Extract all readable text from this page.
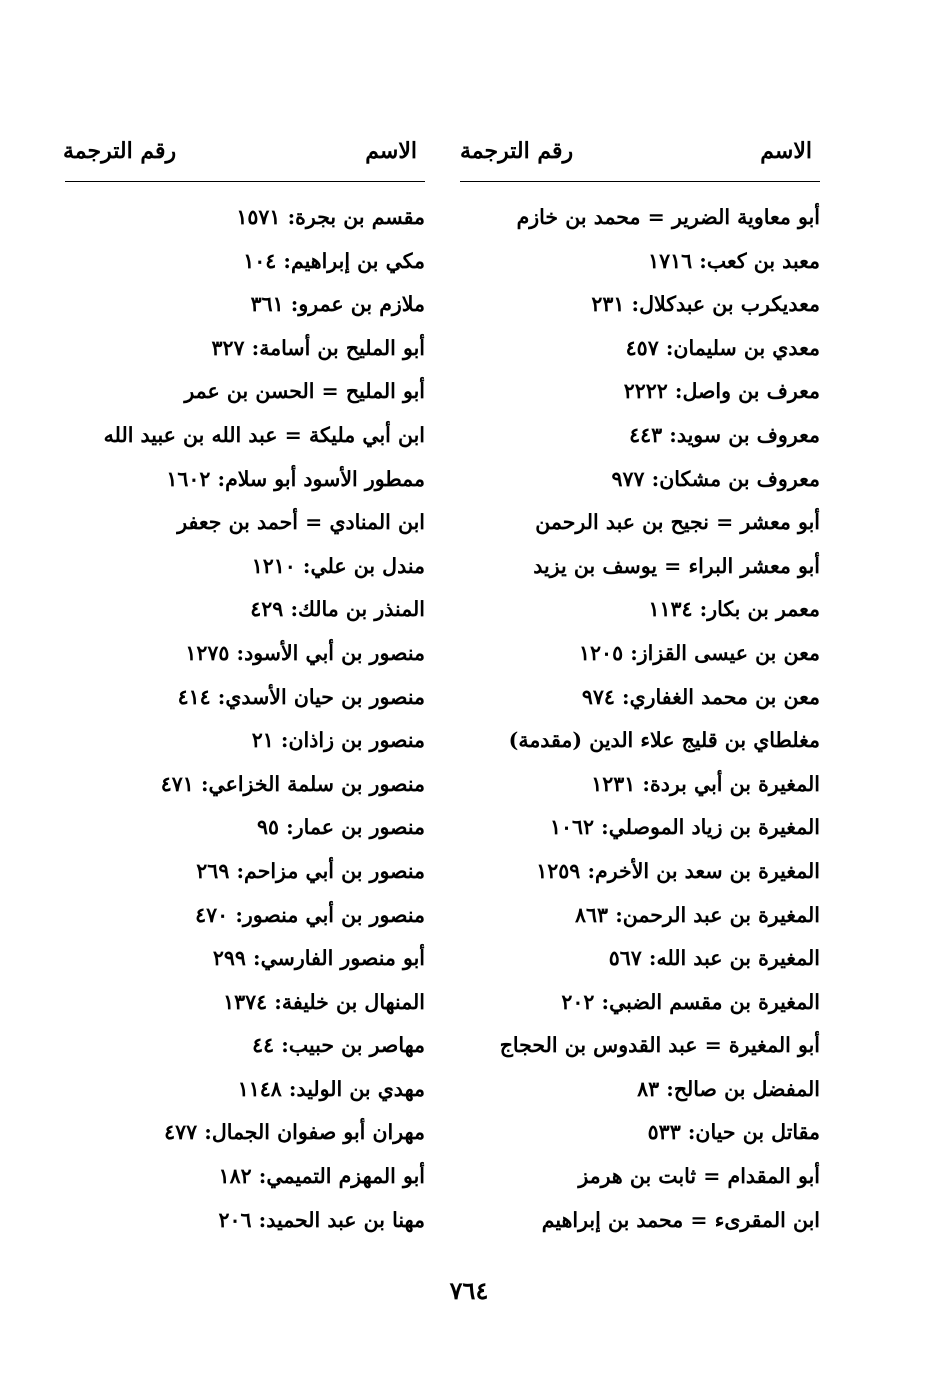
الاسم
رقم الترجمة
أبو معاوية الضرير = محمد بن خازم
معبد بن كعب: ١٧١٦
معديكرب بن عبدكلال: ٢٣١
معدي بن سليمان: ٤٥٧
معرف بن واصل: ٢٢٢٢
معروف بن سويد: ٤٤٣
معروف بن مشكان: ٩٧٧
أبو معشر = نجيح بن عبد الرحمن
أبو معشر البراء = يوسف بن يزيد
معمر بن بكار: ١١٣٤
معن بن عيسى القزاز: ١٢٠٥
معن بن محمد الغفاري: ٩٧٤
مغلطاي بن قليج علاء الدين (مقدمة)
المغيرة بن أبي بردة: ١٢٣١
المغيرة بن زياد الموصلي: ١٠٦٢
المغيرة بن سعد بن الأخرم: ١٢٥٩
المغيرة بن عبد الرحمن: ٨٦٣
المغيرة بن عبد الله: ٥٦٧
المغيرة بن مقسم الضبي: ٢٠٢
أبو المغيرة = عبد القدوس بن الحجاج
المفضل بن صالح: ٨٣
مقاتل بن حيان: ٥٣٣
أبو المقدام = ثابت بن هرمز
ابن المقرىء = محمد بن إبراهيم
الاسم
رقم الترجمة
مقسم بن بجرة: ١٥٧١
مكي بن إبراهيم: ١٠٤
ملازم بن عمرو: ٣٦١
أبو المليح بن أسامة: ٣٢٧
أبو المليح = الحسن بن عمر
ابن أبي مليكة = عبد الله بن عبيد الله
ممطور الأسود أبو سلام: ١٦٠٢
ابن المنادي = أحمد بن جعفر
مندل بن علي: ١٢١٠
المنذر بن مالك: ٤٢٩
منصور بن أبي الأسود: ١٢٧٥
منصور بن حيان الأسدي: ٤١٤
منصور بن زاذان: ٢١
منصور بن سلمة الخزاعي: ٤٧١
منصور بن عمار: ٩٥
منصور بن أبي مزاحم: ٢٦٩
منصور بن أبي منصور: ٤٧٠
أبو منصور الفارسي: ٢٩٩
المنهال بن خليفة: ١٣٧٤
مهاصر بن حبيب: ٤٤
مهدي بن الوليد: ١١٤٨
مهران أبو صفوان الجمال: ٤٧٧
أبو المهزم التميمي: ١٨٢
مهنا بن عبد الحميد: ٢٠٦
٧٦٤
